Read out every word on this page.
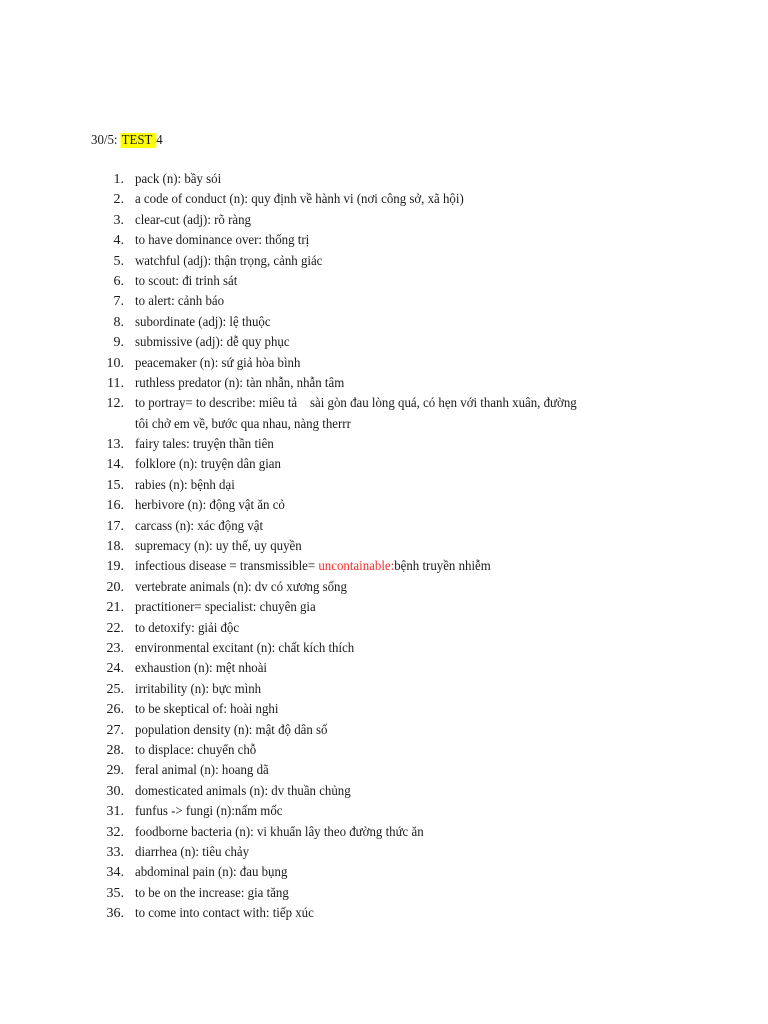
30/5: TEST 4
1. pack (n): bầy sói
2. a code of conduct (n): quy định về hành vi (nơi công sở, xã hội)
3. clear-cut (adj): rõ ràng
4. to have dominance over: thống trị
5. watchful (adj): thận trọng, cảnh giác
6. to scout: đi trinh sát
7. to alert: cảnh báo
8. subordinate (adj): lệ thuộc
9. submissive (adj): dễ quy phục
10. peacemaker (n): sứ giả hòa bình
11. ruthless predator (n): tàn nhẫn, nhẫn tâm
12. to portray= to describe: miêu tả sài gòn đau lòng quá, có hẹn với thanh xuân, đường
tôi chở em về, bước qua nhau, nàng therrr
13. fairy tales: truyện thần tiên
14. folklore (n): truyện dân gian
15. rabies (n): bệnh dại
16. herbivore (n): động vật ăn cỏ
17. carcass (n): xác động vật
18. supremacy (n): uy thế, uy quyền
19. infectious disease = transmissible= uncontainable:bệnh truyền nhiễm
20. vertebrate animals (n): dv có xương sống
21. practitioner= specialist: chuyên gia
22. to detoxify: giải độc
23. environmental excitant (n): chất kích thích
24. exhaustion (n): mệt nhoài
25. irritability (n): bực mình
26. to be skeptical of: hoài nghi
27. population density (n): mật độ dân số
28. to displace: chuyển chỗ
29. feral animal (n): hoang dã
30. domesticated animals (n): dv thuần chủng
31. funfus -> fungi (n):nấm mốc
32. foodborne bacteria (n): vi khuẩn lây theo đường thức ăn
33. diarrhea (n): tiêu chảy
34. abdominal pain (n): đau bụng
35. to be on the increase: gia tăng
36. to come into contact with: tiếp xúc
